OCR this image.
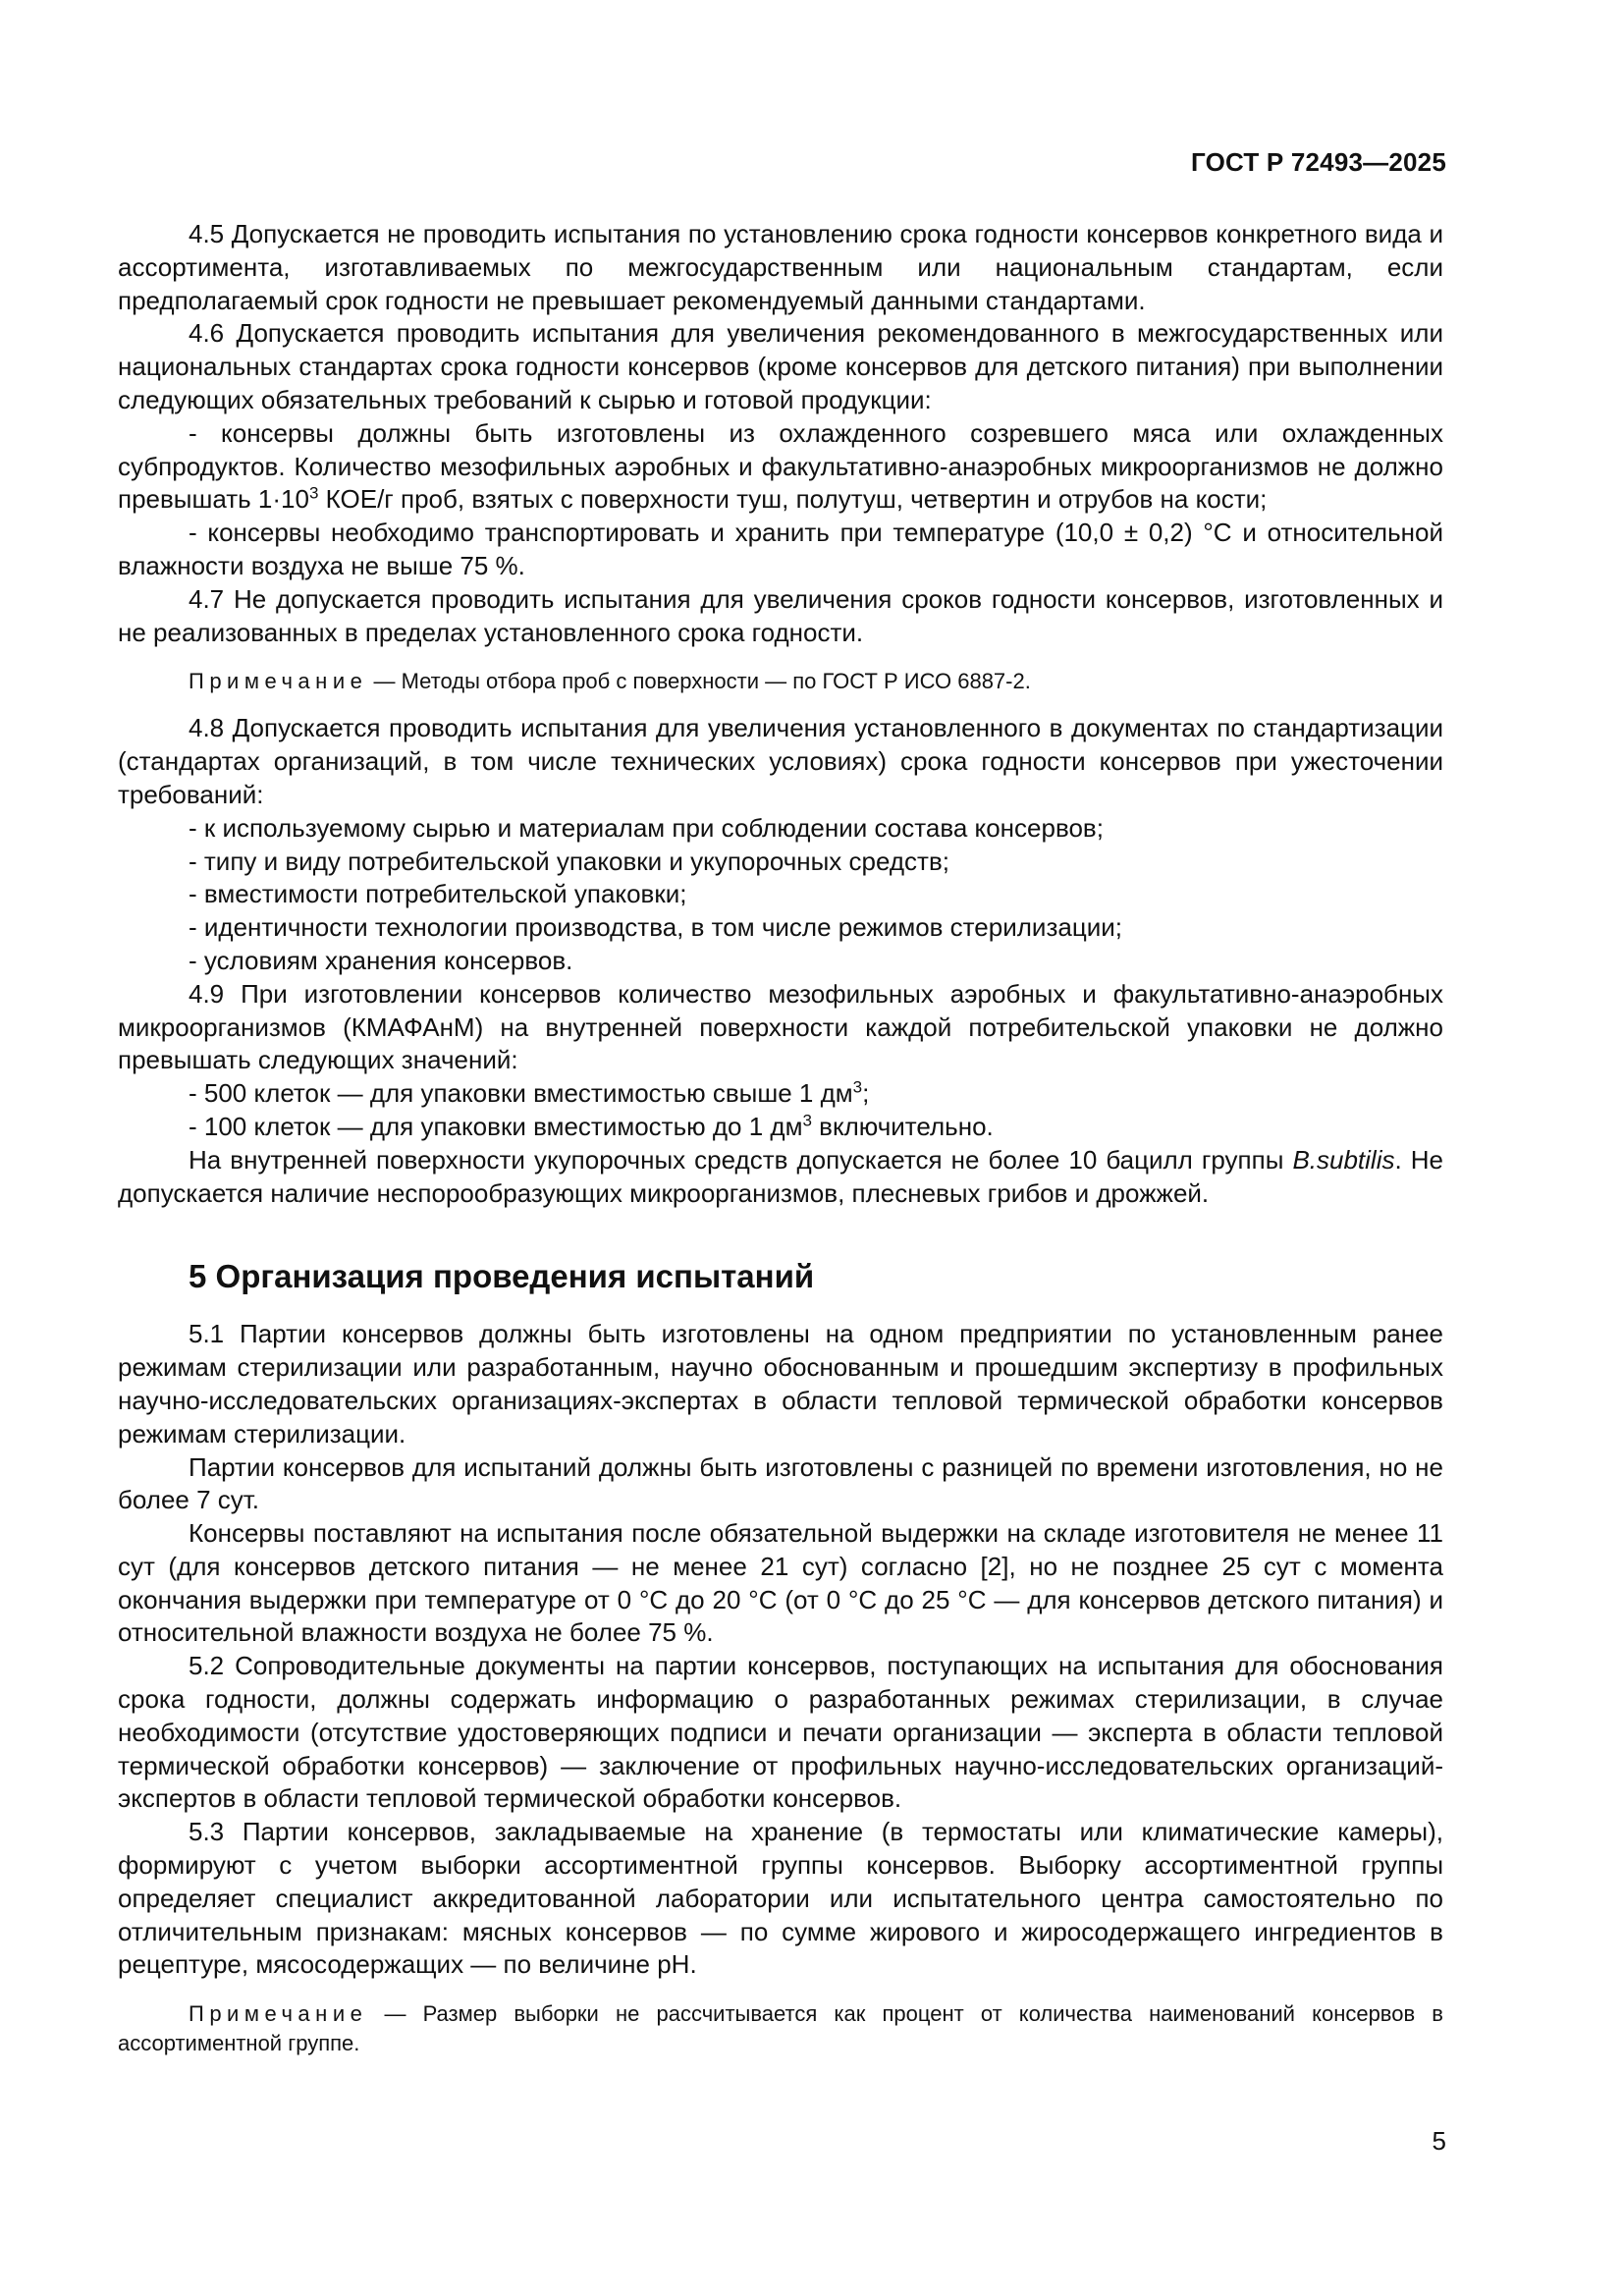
ГОСТ Р 72493—2025

4.5 Допускается не проводить испытания по установлению срока годности консервов конкретного вида и ассортимента, изготавливаемых по межгосударственным или национальным стандартам, если предполагаемый срок годности не превышает рекомендуемый данными стандартами.

4.6 Допускается проводить испытания для увеличения рекомендованного в межгосударственных или национальных стандартах срока годности консервов (кроме консервов для детского питания) при выполнении следующих обязательных требований к сырью и готовой продукции:

- консервы должны быть изготовлены из охлажденного созревшего мяса или охлажденных субпродуктов. Количество мезофильных аэробных и факультативно-анаэробных микроорганизмов не должно превышать $1\cdot 10^3$ КОЕ/г проб, взятых с поверхности туш, полутуш, четвертин и отрубов на кости;

- консервы необходимо транспортировать и хранить при температуре (10,0 ± 0,2) °С и относительной влажности воздуха не выше 75 %.

4.7 Не допускается проводить испытания для увеличения сроков годности консервов, изготовленных и не реализованных в пределах установленного срока годности.

Примечание — Методы отбора проб с поверхности — по ГОСТ Р ИСО 6887-2.

4.8 Допускается проводить испытания для увеличения установленного в документах по стандартизации (стандартах организаций, в том числе технических условиях) срока годности консервов при ужесточении требований:

- к используемому сырью и материалам при соблюдении состава консервов;

- типу и виду потребительской упаковки и укупорочных средств;

- вместимости потребительской упаковки;

- идентичности технологии производства, в том числе режимов стерилизации;

- условиям хранения консервов.

4.9 При изготовлении консервов количество мезофильных аэробных и факультативно-анаэробных микроорганизмов (КМАФАнМ) на внутренней поверхности каждой потребительской упаковки не должно превышать следующих значений:

- 500 клеток — для упаковки вместимостью свыше 1 $дм^3$;

- 100 клеток — для упаковки вместимостью до 1 $дм^3$ включительно.

На внутренней поверхности укупорочных средств допускается не более 10 бацилл группы B.subtilis. Не допускается наличие неспорообразующих микроорганизмов, плесневых грибов и дрожжей.

5 Организация проведения испытаний

5.1 Партии консервов должны быть изготовлены на одном предприятии по установленным ранее режимам стерилизации или разработанным, научно обоснованным и прошедшим экспертизу в профильных научно-исследовательских организациях-экспертах в области тепловой термической обработки консервов режимам стерилизации.

Партии консервов для испытаний должны быть изготовлены с разницей по времени изготовления, но не более 7 сут.

Консервы поставляют на испытания после обязательной выдержки на складе изготовителя не менее 11 сут (для консервов детского питания — не менее 21 сут) согласно [2], но не позднее 25 сут с момента окончания выдержки при температуре от 0 °С до 20 °С (от 0 °С до 25 °С — для консервов детского питания) и относительной влажности воздуха не более 75 %.

5.2 Сопроводительные документы на партии консервов, поступающих на испытания для обоснования срока годности, должны содержать информацию о разработанных режимах стерилизации, в случае необходимости (отсутствие удостоверяющих подписи и печати организации — эксперта в области тепловой термической обработки консервов) — заключение от профильных научно-исследовательских организаций-экспертов в области тепловой термической обработки консервов.

5.3 Партии консервов, закладываемые на хранение (в термостаты или климатические камеры), формируют с учетом выборки ассортиментной группы консервов. Выборку ассортиментной группы определяет специалист аккредитованной лаборатории или испытательного центра самостоятельно по отличительным признакам: мясных консервов — по сумме жирового и жиросодержащего ингредиентов в рецептуре, мясосодержащих — по величине pH.

Примечание — Размер выборки не рассчитывается как процент от количества наименований консервов в ассортиментной группе.

5
